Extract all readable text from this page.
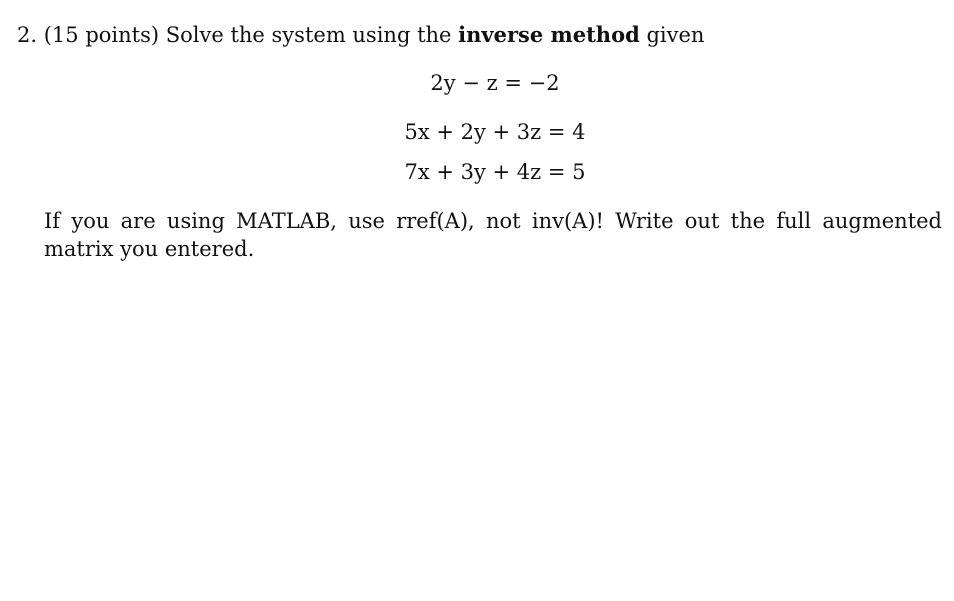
2. (15 points) Solve the system using the inverse method given
2y − z = −2
5x + 2y + 3z = 4
7x + 3y + 4z = 5
If you are using MATLAB, use rref(A), not inv(A)! Write out the full augmented matrix you entered.
